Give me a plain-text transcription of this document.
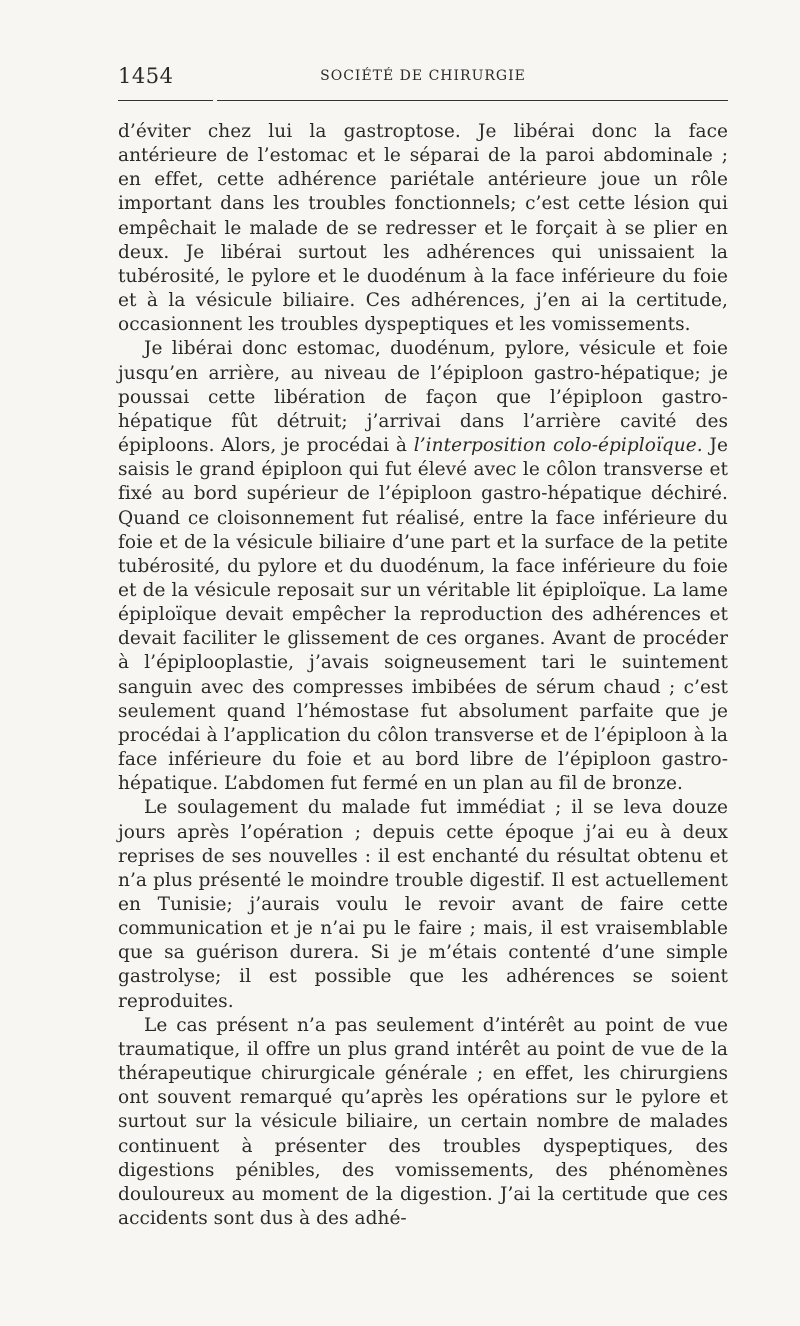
1454	SOCIÉTÉ DE CHIRURGIE

d’éviter chez lui la gastroptose. Je libérai donc la face antérieure de l’estomac et le séparai de la paroi abdominale ; en effet, cette adhérence pariétale antérieure joue un rôle important dans les troubles fonctionnels; c’est cette lésion qui empêchait le malade de se redresser et le forçait à se plier en deux. Je libérai surtout les adhérences qui unissaient la tubérosité, le pylore et le duodénum à la face inférieure du foie et à la vésicule biliaire. Ces adhérences, j’en ai la certitude, occasionnent les troubles dyspeptiques et les vomissements.

Je libérai donc estomac, duodénum, pylore, vésicule et foie jusqu’en arrière, au niveau de l’épiploon gastro-hépatique; je poussai cette libération de façon que l’épiploon gastro-hépatique fût détruit; j’arrivai dans l’arrière cavité des épiploons. Alors, je procédai à l’interposition colo-épiploïque. Je saisis le grand épiploon qui fut élevé avec le côlon transverse et fixé au bord supérieur de l’épiploon gastro-hépatique déchiré. Quand ce cloisonnement fut réalisé, entre la face inférieure du foie et de la vésicule biliaire d’une part et la surface de la petite tubérosité, du pylore et du duodénum, la face inférieure du foie et de la vésicule reposait sur un véritable lit épiploïque. La lame épiploïque devait empêcher la reproduction des adhérences et devait faciliter le glissement de ces organes. Avant de procéder à l’épiplooplastie, j’avais soigneusement tari le suintement sanguin avec des compresses imbibées de sérum chaud ; c’est seulement quand l’hémostase fut absolument parfaite que je procédai à l’application du côlon transverse et de l’épiploon à la face inférieure du foie et au bord libre de l’épiploon gastro-hépatique. L’abdomen fut fermé en un plan au fil de bronze.

Le soulagement du malade fut immédiat ; il se leva douze jours après l’opération ; depuis cette époque j’ai eu à deux reprises de ses nouvelles : il est enchanté du résultat obtenu et n’a plus présenté le moindre trouble digestif. Il est actuellement en Tunisie; j’aurais voulu le revoir avant de faire cette communication et je n’ai pu le faire ; mais, il est vraisemblable que sa guérison durera. Si je m’étais contenté d’une simple gastrolyse; il est possible que les adhérences se soient reproduites.

Le cas présent n’a pas seulement d’intérêt au point de vue traumatique, il offre un plus grand intérêt au point de vue de la thérapeutique chirurgicale générale ; en effet, les chirurgiens ont souvent remarqué qu’après les opérations sur le pylore et surtout sur la vésicule biliaire, un certain nombre de malades continuent à présenter des troubles dyspeptiques, des digestions pénibles, des vomissements, des phénomènes douloureux au moment de la digestion. J’ai la certitude que ces accidents sont dus à des adhé-
